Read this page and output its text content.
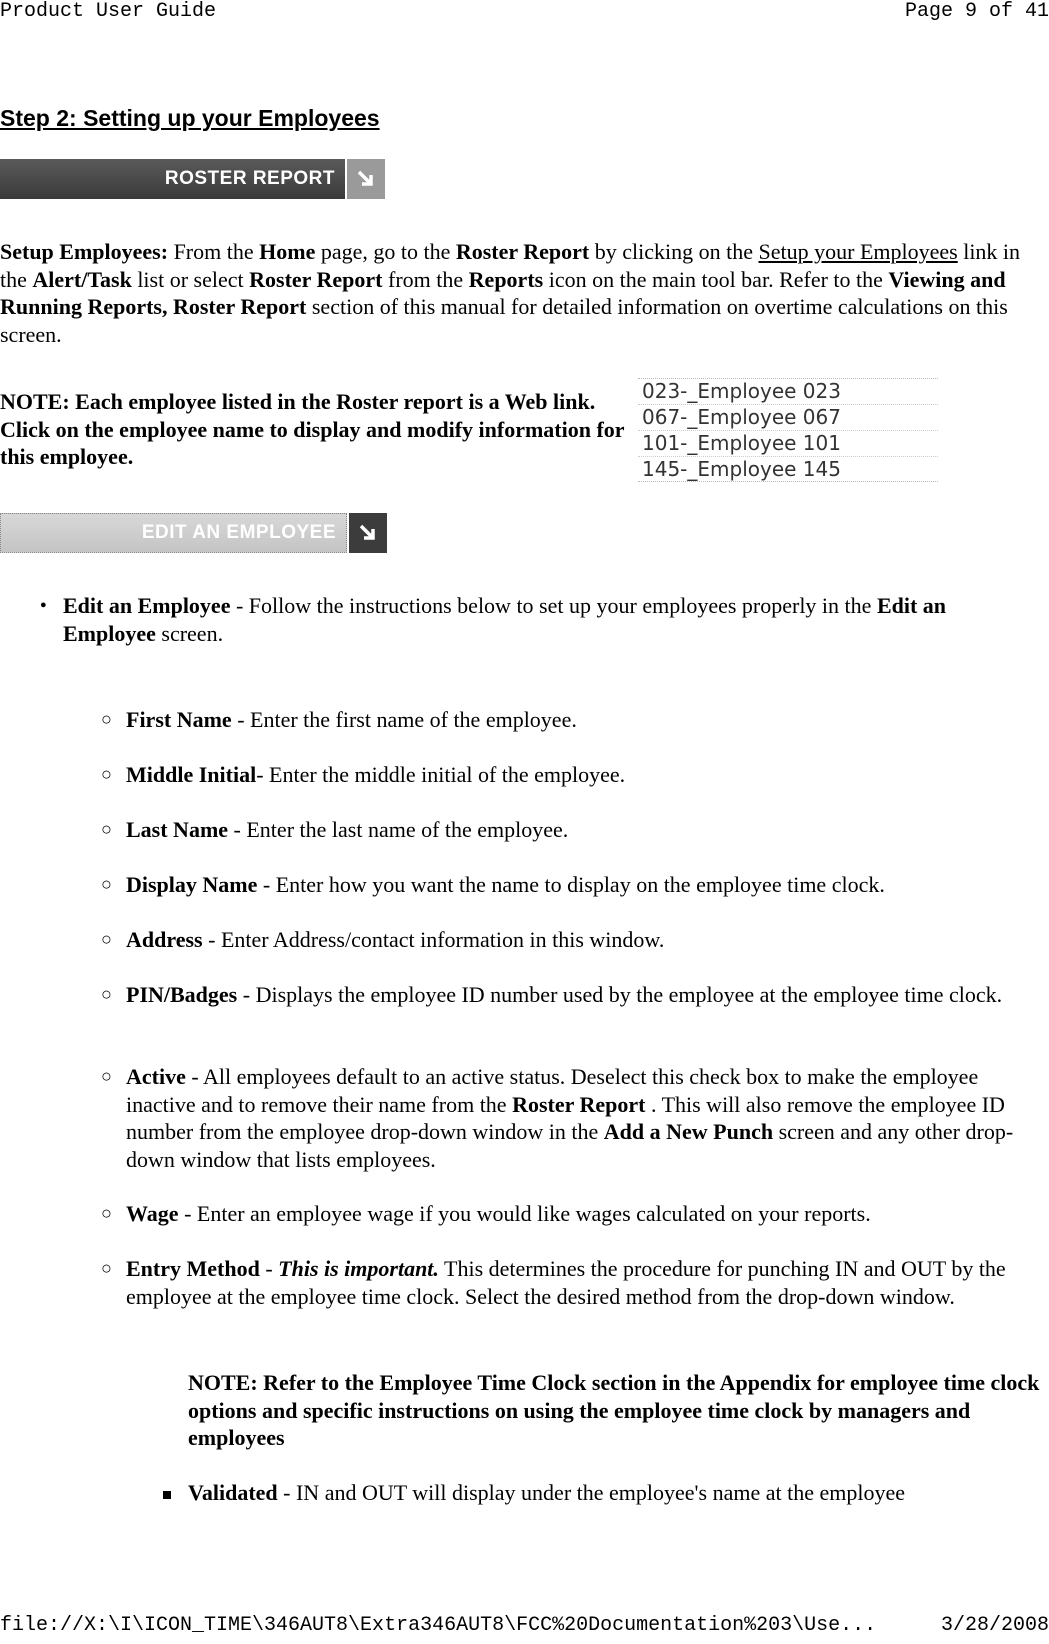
Product User Guide	Page 9 of 41
Step 2: Setting up your Employees
ROSTER REPORT

Setup Employees: From the Home page, go to the Roster Report by clicking on the Setup your Employees link in the Alert/Task list or select Roster Report from the Reports icon on the main tool bar. Refer to the Viewing and Running Reports, Roster Report section of this manual for detailed information on overtime calculations on this screen.

NOTE: Each employee listed in the Roster report is a Web link. Click on the employee name to display and modify information for this employee.

023-_Employee 023
067-_Employee 067
101-_Employee 101
145-_Employee 145
EDIT AN EMPLOYEE
● Edit an Employee - Follow the instructions below to set up your employees properly in the Edit an Employee screen.
○ First Name - Enter the first name of the employee.
○ Middle Initial- Enter the middle initial of the employee.
○ Last Name - Enter the last name of the employee.
○ Display Name - Enter how you want the name to display on the employee time clock.
○ Address - Enter Address/contact information in this window.
○ PIN/Badges - Displays the employee ID number used by the employee at the employee time clock.
○ Active - All employees default to an active status. Deselect this check box to make the employee inactive and to remove their name from the Roster Report . This will also remove the employee ID number from the employee drop-down window in the Add a New Punch screen and any other drop-down window that lists employees.
○ Wage - Enter an employee wage if you would like wages calculated on your reports.
○ Entry Method - This is important. This determines the procedure for punching IN and OUT by the employee at the employee time clock. Select the desired method from the drop-down window.
NOTE: Refer to the Employee Time Clock section in the Appendix for employee time clock options and specific instructions on using the employee time clock by managers and employees
Validated - IN and OUT will display under the employee's name at the employee
file://X:\I\ICON_TIME\346AUT8\Extra346AUT8\FCC%20Documentation%203\Use...	3/28/2008
